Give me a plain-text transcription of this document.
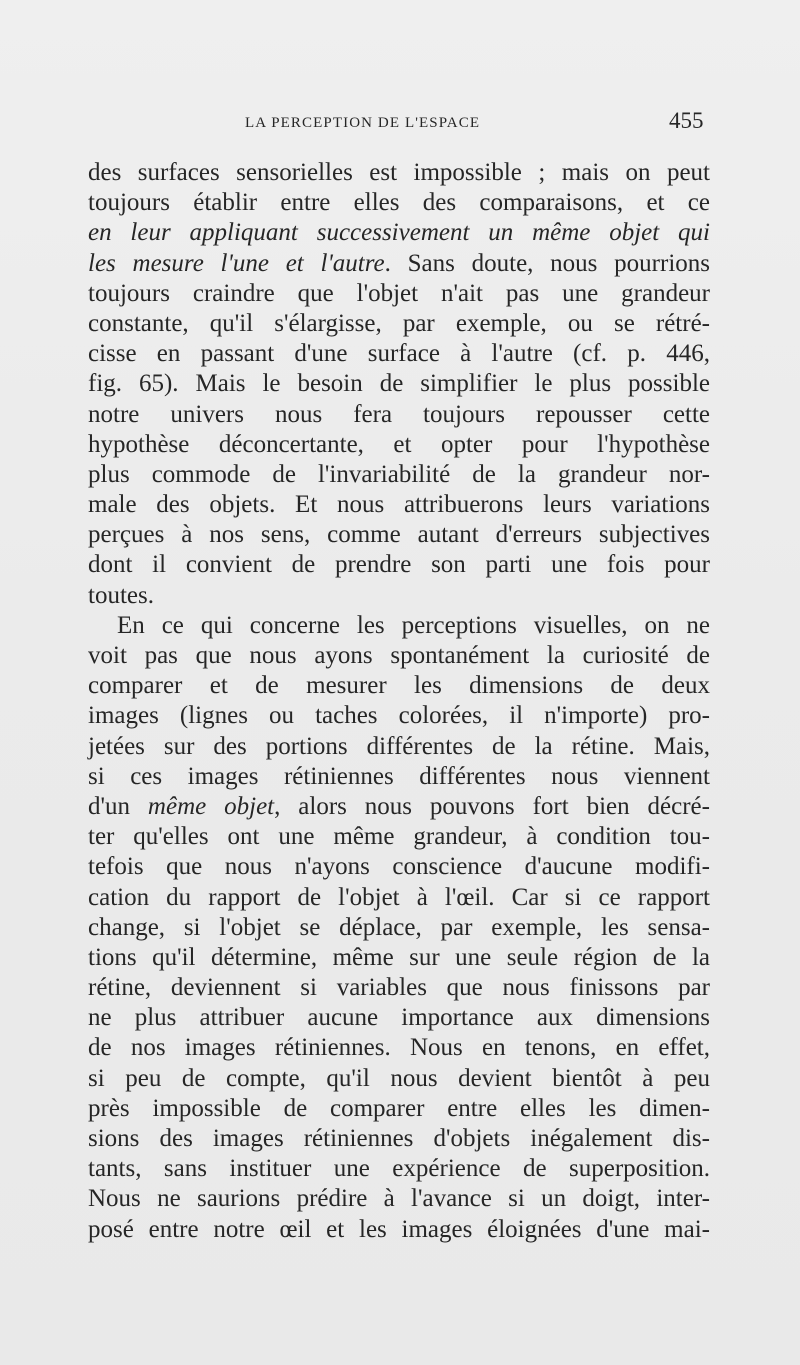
LA PERCEPTION DE L'ESPACE	455
des surfaces sensorielles est impossible ; mais on peut
toujours établir entre elles des comparaisons, et ce
en leur appliquant successivement un même objet qui
les mesure l'une et l'autre. Sans doute, nous pourrions
toujours craindre que l'objet n'ait pas une grandeur
constante, qu'il s'élargisse, par exemple, ou se rétré-
cisse en passant d'une surface à l'autre (cf. p. 446,
fig. 65). Mais le besoin de simplifier le plus possible
notre univers nous fera toujours repousser cette
hypothèse déconcertante, et opter pour l'hypothèse
plus commode de l'invariabilité de la grandeur nor-
male des objets. Et nous attribuerons leurs variations
perçues à nos sens, comme autant d'erreurs subjectives
dont il convient de prendre son parti une fois pour
toutes.
En ce qui concerne les perceptions visuelles, on ne
voit pas que nous ayons spontanément la curiosité de
comparer et de mesurer les dimensions de deux
images (lignes ou taches colorées, il n'importe) pro-
jetées sur des portions différentes de la rétine. Mais,
si ces images rétiniennes différentes nous viennent
d'un même objet, alors nous pouvons fort bien décré-
ter qu'elles ont une même grandeur, à condition tou-
tefois que nous n'ayons conscience d'aucune modifi-
cation du rapport de l'objet à l'œil. Car si ce rapport
change, si l'objet se déplace, par exemple, les sensa-
tions qu'il détermine, même sur une seule région de la
rétine, deviennent si variables que nous finissons par
ne plus attribuer aucune importance aux dimensions
de nos images rétiniennes. Nous en tenons, en effet,
si peu de compte, qu'il nous devient bientôt à peu
près impossible de comparer entre elles les dimen-
sions des images rétiniennes d'objets inégalement dis-
tants, sans instituer une expérience de superposition.
Nous ne saurions prédire à l'avance si un doigt, inter-
posé entre notre œil et les images éloignées d'une mai-
